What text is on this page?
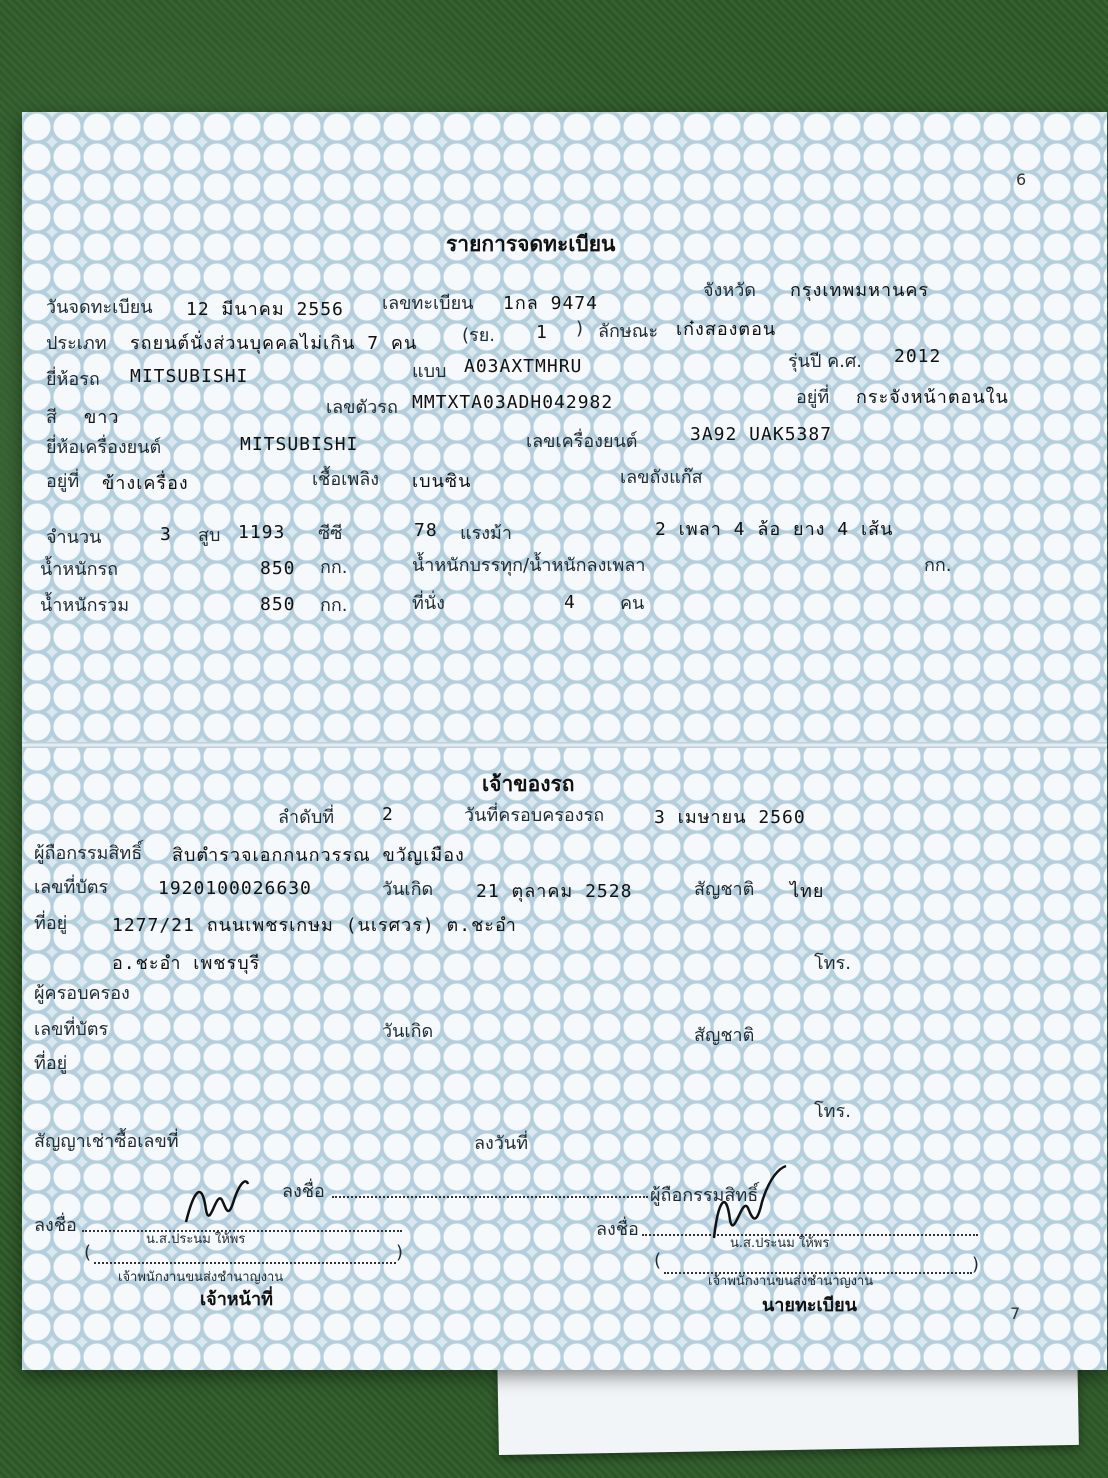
6
รายการจดทะเบียน
วันจดทะเบียน 12 มีนาคม 2556 เลขทะเบียน 1กล 9474
จังหวัด กรุงเทพมหานคร
ประเภท รถยนต์นั่งส่วนบุคคลไม่เกิน 7 คน (รย. 1 ) ลักษณะ เก๋งสองตอน
ยี่ห้อรถ MITSUBISHI	แบบ A03AXTMHRU	รุ่นปี ค.ศ. 2012
สี ขาว	เลขตัวรถ MMTXTA03ADH042982	อยู่ที่ กระจังหน้าตอนใน
ยี่ห้อเครื่องยนต์	MITSUBISHI	เลขเครื่องยนต์	3A92 UAK5387
อยู่ที่ ข้างเครื่อง	เชื้อเพลิง เบนซิน	เลขถังแก๊ส
จำนวน	3 สูบ 1193 ซีซี	78 แรงม้า	2 เพลา 4 ล้อ ยาง 4 เส้น
น้ำหนักรถ	850 กก.	น้ำหนักบรรทุก/น้ำหนักลงเพลา	กก.
น้ำหนักรวม	850 กก.	ที่นั่ง	4 คน
เจ้าของรถ
ลำดับที่	2	วันที่ครอบครองรถ	3 เมษายน 2560
ผู้ถือกรรมสิทธิ์ สิบตำรวจเอกกนกวรรณ ขวัญเมือง
เลขที่บัตร	1920100026630	วันเกิด 21 ตุลาคม 2528	สัญชาติ ไทย
ที่อยู่ 1277/21 ถนนเพชรเกษม (นเรศวร) ต.ชะอำ
อ.ชะอำ เพชรบุรี	โทร.
ผู้ครอบครอง
เลขที่บัตร	วันเกิด	สัญชาติ
ที่อยู่
โทร.
สัญญาเช่าซื้อเลขที่	ลงวันที่
ลงชื่อ	ผู้ถือกรรมสิทธิ์
ลงชื่อ
น.ส.ประนม ให้พร
(	)
เจ้าพนักงานขนส่งชำนาญงาน
เจ้าหน้าที่
ลงชื่อ
น.ส.ประนม ให้พร
(	)
เจ้าพนักงานขนส่งชำนาญงาน
นายทะเบียน	7
